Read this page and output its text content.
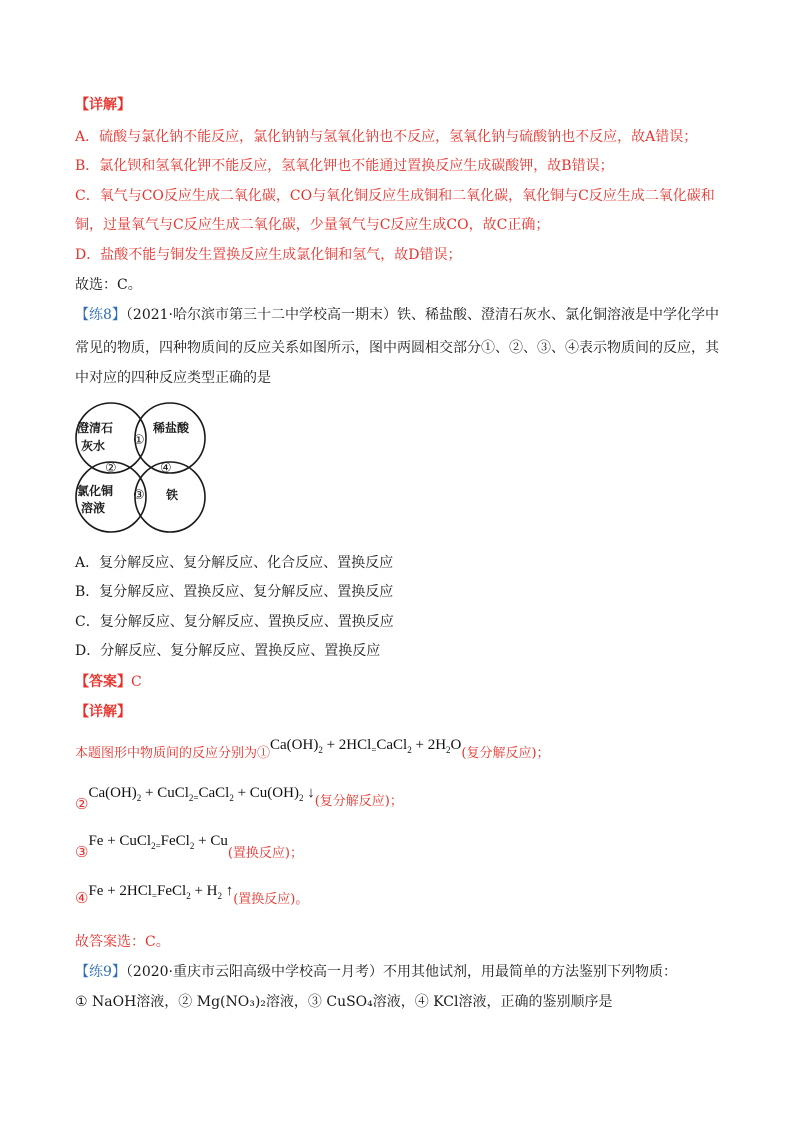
【详解】
A．硫酸与氯化钠不能反应，氯化钠钠与氢氧化钠也不反应，氢氧化钠与硫酸钠也不反应，故A错误；
B．氯化钡和氢氧化钾不能反应，氢氧化钾也不能通过置换反应生成碳酸钾，故B错误；
C．氧气与CO反应生成二氧化碳，CO与氧化铜反应生成铜和二氧化碳，氧化铜与C反应生成二氧化碳和
铜，过量氧气与C反应生成二氧化碳，少量氧气与C反应生成CO，故C正确；
D．盐酸不能与铜发生置换反应生成氯化铜和氢气，故D错误；
故选：C。
【练8】（2021·哈尔滨市第三十二中学校高一期末）铁、稀盐酸、澄清石灰水、氯化铜溶液是中学化学中
常见的物质，四种物质间的反应关系如图所示，图中两圆相交部分①、②、③、④表示物质间的反应，其
中对应的四种反应类型正确的是
澄清石
灰水
稀盐酸
氯化铜
溶液
铁
①
②
③
④
A．复分解反应、复分解反应、化合反应、置换反应
B．复分解反应、置换反应、复分解反应、置换反应
C．复分解反应、复分解反应、置换反应、置换反应
D．分解反应、复分解反应、置换反应、置换反应
【答案】C
【详解】
$_{本题图形中物质间的反应分别为①}Ca(OH)_2$ + 2HCl$_=$CaCl$_2$ + $2H_2O_{(复分解反应);}$
$②Ca(OH)_2$ + CuCl$_{2=}$CaCl$_2$ + $Cu(OH)_2$ $↓_{(复分解反应);}$
③Fe + CuCl$_{2=}$FeCl$_2$ + $Cu_{(置换反应);}$
④Fe + 2HCl$_=$FeCl$_2$ + $H_2$ $↑_{(置换反应)。}$
故答案选：C。
【练9】（2020·重庆市云阳高级中学校高一月考）不用其他试剂，用最简单的方法鉴别下列物质：
① NaOH溶液，② Mg(NO₃)₂溶液，③ CuSO₄溶液，④ KCl溶液，正确的鉴别顺序是
